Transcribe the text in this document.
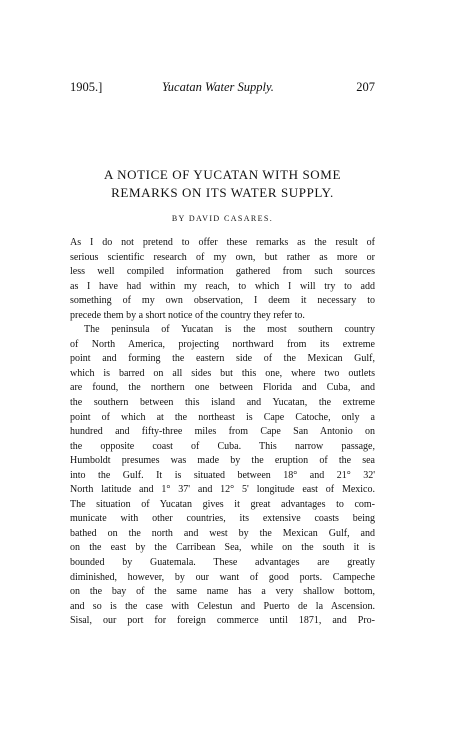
1905.]	Yucatan Water Supply.	207
A NOTICE OF YUCATAN WITH SOME
REMARKS ON ITS WATER SUPPLY.
BY DAVID CASARES.
As I do not pretend to offer these remarks as the result of
serious scientific research of my own, but rather as more or
less well compiled information gathered from such sources
as I have had within my reach, to which I will try to add
something of my own observation, I deem it necessary to
precede them by a short notice of the country they refer to.
The peninsula of Yucatan is the most southern country
of North America, projecting northward from its extreme
point and forming the eastern side of the Mexican Gulf,
which is barred on all sides but this one, where two outlets
are found, the northern one between Florida and Cuba, and
the southern between this island and Yucatan, the extreme
point of which at the northeast is Cape Catoche, only a
hundred and fifty-three miles from Cape San Antonio on
the opposite coast of Cuba. This narrow passage,
Humboldt presumes was made by the eruption of the sea
into the Gulf. It is situated between 18° and 21° 32'
North latitude and 1° 37' and 12° 5' longitude east of Mexico.
The situation of Yucatan gives it great advantages to com-
municate with other countries, its extensive coasts being
bathed on the north and west by the Mexican Gulf, and
on the east by the Carribean Sea, while on the south it is
bounded by Guatemala. These advantages are greatly
diminished, however, by our want of good ports. Campeche
on the bay of the same name has a very shallow bottom,
and so is the case with Celestun and Puerto de la Ascension.
Sisal, our port for foreign commerce until 1871, and Pro-
